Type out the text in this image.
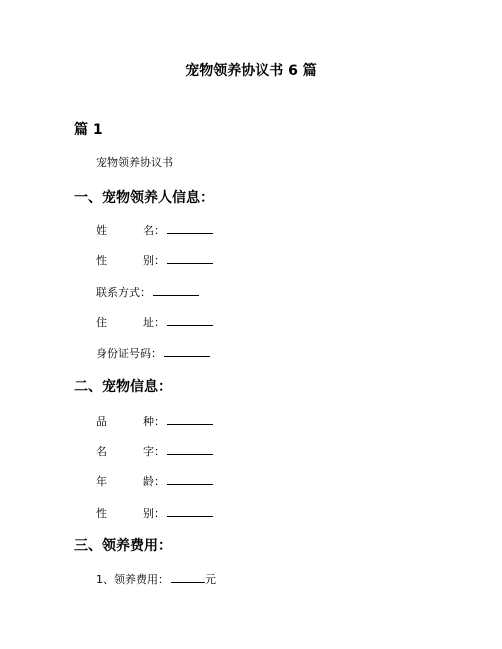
宠物领养协议书 6 篇
篇 1
宠物领养协议书
一、宠物领养人信息：
姓	名：
性	别：
联系方式：
住	址：
身份证号码：
二、宠物信息：
品	种：
名	字：
年	龄：
性	别：
三、领养费用：
1、领养费用：	元
